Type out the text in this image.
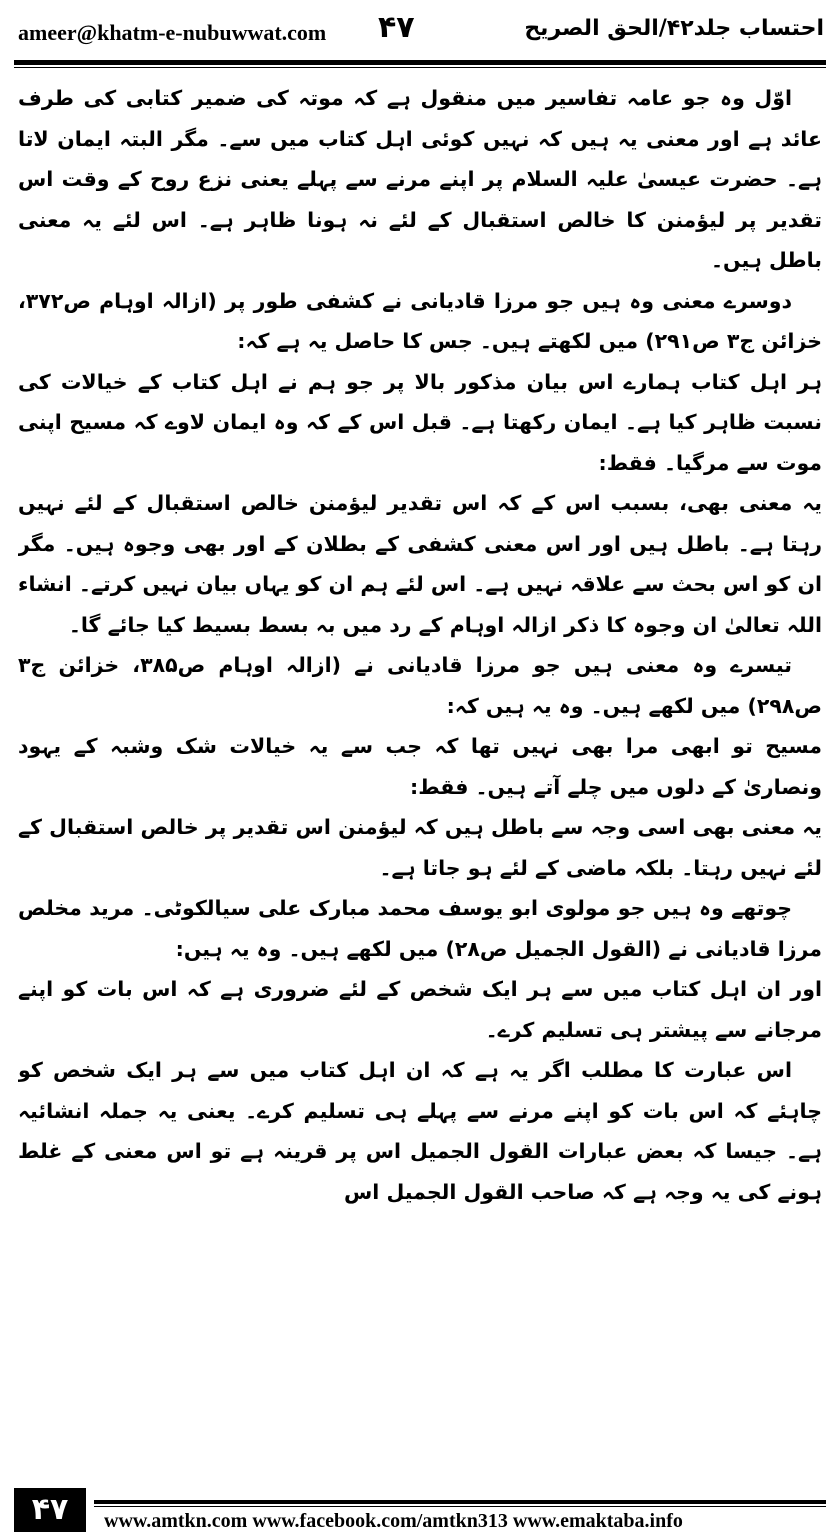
ameer@khatm-e-nubuwwat.com ۴۷	احتساب جلد۴۲/الحق الصریح

اوّل وہ جو عامہ تفاسیر میں منقول ہے کہ موتہ کی ضمیر کتابی کی طرف عائد ہے اور معنی یہ ہیں کہ نہیں کوئی اہل کتاب میں سے۔ مگر البتہ ایمان لاتا ہے۔ حضرت عیسیٰ علیہ السلام پر اپنے مرنے سے پہلے یعنی نزع روح کے وقت اس تقدیر پر لیؤمنن کا خالص استقبال کے لئے نہ ہونا ظاہر ہے۔ اس لئے یہ معنی باطل ہیں۔

دوسرے معنی وہ ہیں جو مرزا قادیانی نے کشفی طور پر (ازالہ اوہام ص۳۷۲، خزائن ج۳ ص۲۹۱) میں لکھتے ہیں۔ جس کا حاصل یہ ہے کہ:

ہر اہل کتاب ہمارے اس بیان مذکور بالا پر جو ہم نے اہل کتاب کے خیالات کی نسبت ظاہر کیا ہے۔ ایمان رکھتا ہے۔ قبل اس کے کہ وہ ایمان لاوے کہ مسیح اپنی موت سے مرگیا۔ فقط:

یہ معنی بھی، بسبب اس کے کہ اس تقدیر لیؤمنن خالص استقبال کے لئے نہیں رہتا ہے۔ باطل ہیں اور اس معنی کشفی کے بطلان کے اور بھی وجوہ ہیں۔ مگر ان کو اس بحث سے علاقہ نہیں ہے۔ اس لئے ہم ان کو یہاں بیان نہیں کرتے۔ انشاء اللہ تعالیٰ ان وجوہ کا ذکر ازالہ اوہام کے رد میں بہ بسط بسیط کیا جائے گا۔

تیسرے وہ معنی ہیں جو مرزا قادیانی نے (ازالہ اوہام ص۳۸۵، خزائن ج۳ ص۲۹۸) میں لکھے ہیں۔ وہ یہ ہیں کہ:

مسیح تو ابھی مرا بھی نہیں تھا کہ جب سے یہ خیالات شک وشبہ کے یہود ونصاریٰ کے دلوں میں چلے آتے ہیں۔ فقط:

یہ معنی بھی اسی وجہ سے باطل ہیں کہ لیؤمنن اس تقدیر پر خالص استقبال کے لئے نہیں رہتا۔ بلکہ ماضی کے لئے ہو جاتا ہے۔

چوتھے وہ ہیں جو مولوی ابو یوسف محمد مبارک علی سیالکوٹی۔ مرید مخلص مرزا قادیانی نے (القول الجمیل ص۲۸) میں لکھے ہیں۔ وہ یہ ہیں:

اور ان اہل کتاب میں سے ہر ایک شخص کے لئے ضروری ہے کہ اس بات کو اپنے مرجانے سے پیشتر ہی تسلیم کرے۔

اس عبارت کا مطلب اگر یہ ہے کہ ان اہل کتاب میں سے ہر ایک شخص کو چاہئے کہ اس بات کو اپنے مرنے سے پہلے ہی تسلیم کرے۔ یعنی یہ جملہ انشائیہ ہے۔ جیسا کہ بعض عبارات القول الجمیل اس پر قرینہ ہے تو اس معنی کے غلط ہونے کی یہ وجہ ہے کہ صاحب القول الجمیل اس

۴۷	www.amtkn.com www.facebook.com/amtkn313 www.emaktaba.info
